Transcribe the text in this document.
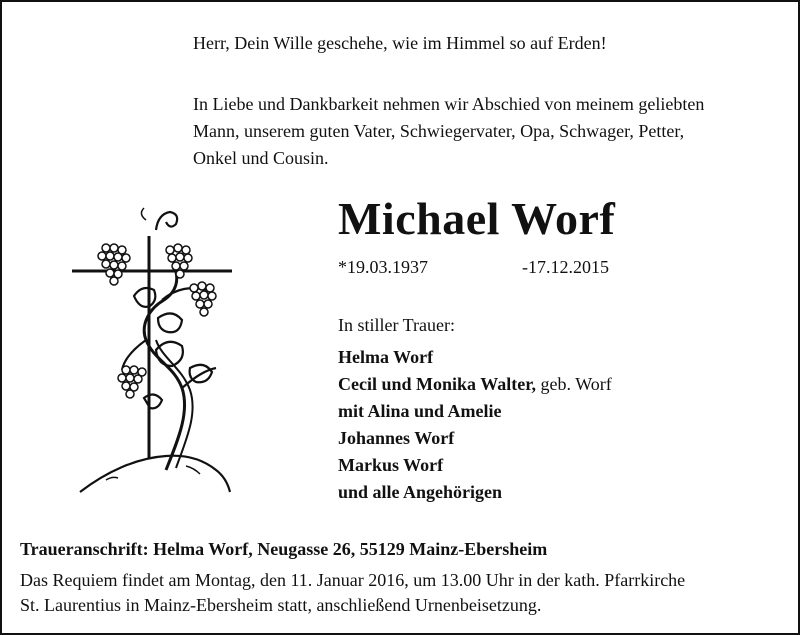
Herr, Dein Wille geschehe, wie im Himmel so auf Erden!
In Liebe und Dankbarkeit nehmen wir Abschied von meinem geliebten
Mann, unserem guten Vater, Schwiegervater, Opa, Schwager, Petter,
Onkel und Cousin.
Michael Worf
*19.03.1937	‐17.12.2015
In stiller Trauer:
Helma Worf
Cecil und Monika Walter, geb. Worf
mit Alina und Amelie
Johannes Worf
Markus Worf
und alle Angehörigen
Traueranschrift: Helma Worf, Neugasse 26, 55129 Mainz-Ebersheim
Das Requiem findet am Montag, den 11. Januar 2016, um 13.00 Uhr in der kath. Pfarrkirche
St. Laurentius in Mainz-Ebersheim statt, anschließend Urnenbeisetzung.
